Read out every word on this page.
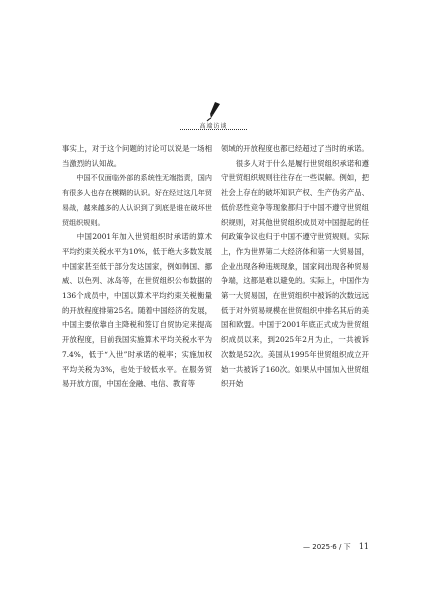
高端访谈

事实上，对于这个问题的讨论可以说是一场相当激烈的认知战。

中国不仅面临外部的系统性无端指责，国内有很多人也存在模糊的认识。好在经过这几年贸易战，越来越多的人认识到了到底是谁在破坏世贸组织规则。

中国2001年加入世贸组织时承诺的算术平均约束关税水平为10%，低于绝大多数发展中国家甚至低于部分发达国家，例如韩国、挪威、以色列、冰岛等，在世贸组织公布数据的136个成员中，中国以算术平均约束关税衡量的开放程度排第25名。随着中国经济的发展，中国主要依靠自主降税和签订自贸协定来提高开放程度，目前我国实施算术平均关税水平为7.4%，低于“入世”时承诺的税率；实施加权平均关税为3%，也处于较低水平。在服务贸易开放方面，中国在金融、电信、教育等

领域的开放程度也都已经超过了当时的承诺。

很多人对于什么是履行世贸组织承诺和遵守世贸组织规则往往存在一些误解。例如，把社会上存在的破坏知识产权、生产伪劣产品、低价恶性竞争等现象都归于中国不遵守世贸组织规则，对其他世贸组织成员对中国提起的任何政策争议也归于中国不遵守世贸规则。实际上，作为世界第二大经济体和第一大贸易国，企业出现各种违规现象，国家间出现各种贸易争端，这都是难以避免的。实际上，中国作为第一大贸易国，在世贸组织中被诉的次数远远低于对外贸易规模在世贸组织中排名其后的美国和欧盟。中国于2001年底正式成为世贸组织成员以来，到2025年2月为止，一共被诉次数是52次。美国从1995年世贸组织成立开始一共被诉了160次。如果从中国加入世贸组织开始

— 2025·6 / 下 11
